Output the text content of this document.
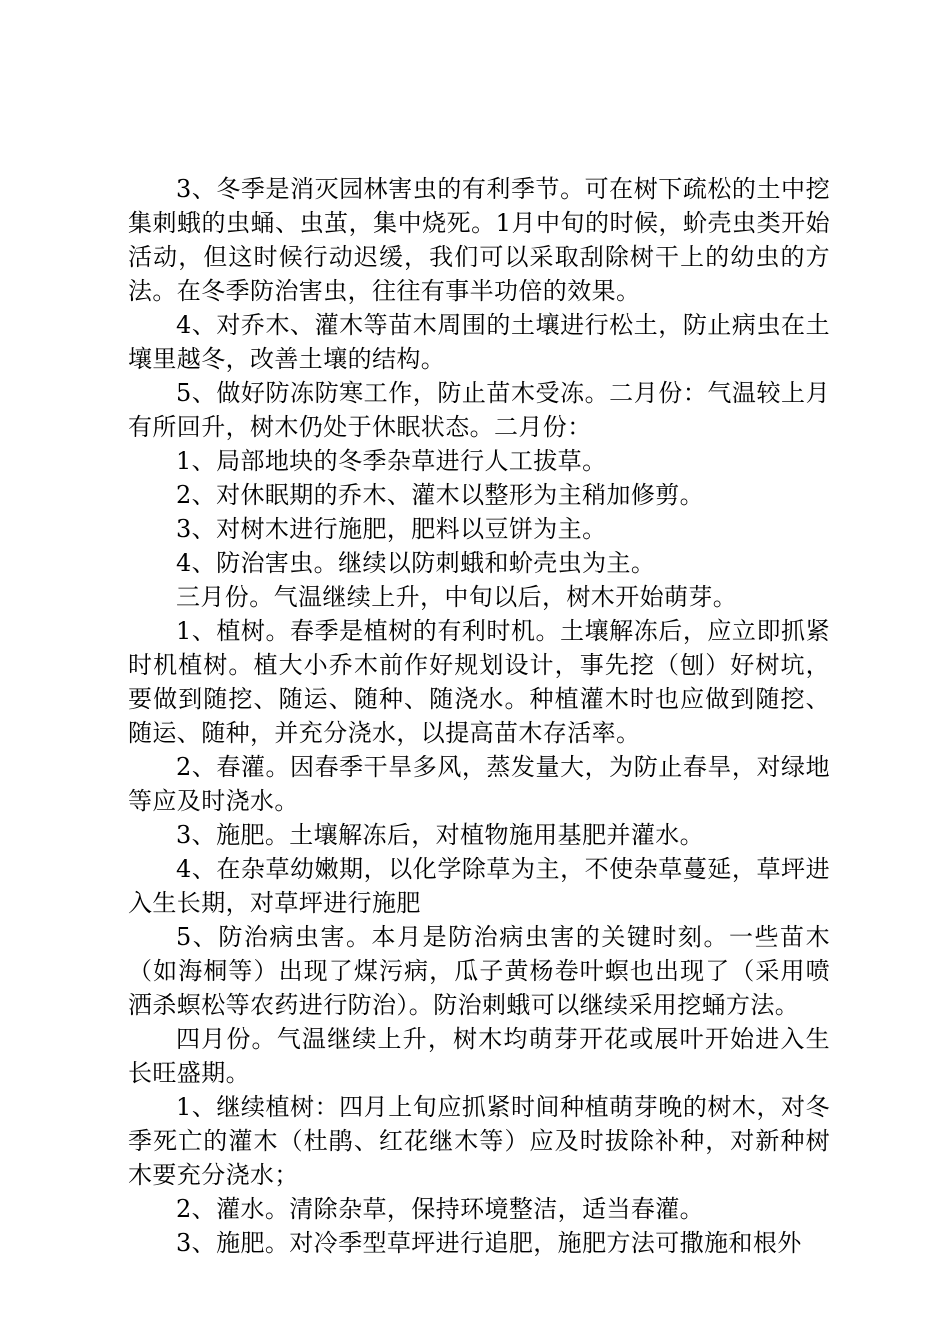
3、冬季是消灭园林害虫的有利季节。可在树下疏松的土中挖集刺蛾的虫蛹、虫茧，集中烧死。1月中旬的时候，蚧壳虫类开始活动，但这时候行动迟缓，我们可以采取刮除树干上的幼虫的方法。在冬季防治害虫，往往有事半功倍的效果。

4、对乔木、灌木等苗木周围的土壤进行松土，防止病虫在土壤里越冬，改善土壤的结构。

5、做好防冻防寒工作，防止苗木受冻。二月份：气温较上月有所回升，树木仍处于休眠状态。二月份：

1、局部地块的冬季杂草进行人工拔草。

2、对休眠期的乔木、灌木以整形为主稍加修剪。

3、对树木进行施肥，肥料以豆饼为主。

4、防治害虫。继续以防刺蛾和蚧壳虫为主。

三月份。气温继续上升，中旬以后，树木开始萌芽。

1、植树。春季是植树的有利时机。土壤解冻后，应立即抓紧时机植树。植大小乔木前作好规划设计，事先挖（刨）好树坑，要做到随挖、随运、随种、随浇水。种植灌木时也应做到随挖、随运、随种，并充分浇水，以提高苗木存活率。

2、春灌。因春季干旱多风，蒸发量大，为防止春旱，对绿地等应及时浇水。

3、施肥。土壤解冻后，对植物施用基肥并灌水。

4、在杂草幼嫩期，以化学除草为主，不使杂草蔓延，草坪进入生长期，对草坪进行施肥

5、防治病虫害。本月是防治病虫害的关键时刻。一些苗木（如海桐等）出现了煤污病，瓜子黄杨卷叶螟也出现了（采用喷洒杀螟松等农药进行防治）。防治刺蛾可以继续采用挖蛹方法。

四月份。气温继续上升，树木均萌芽开花或展叶开始进入生长旺盛期。

1、继续植树：四月上旬应抓紧时间种植萌芽晚的树木，对冬季死亡的灌木（杜鹃、红花继木等）应及时拔除补种，对新种树木要充分浇水；

2、灌水。清除杂草，保持环境整洁，适当春灌。

3、施肥。对冷季型草坪进行追肥，施肥方法可撒施和根外
